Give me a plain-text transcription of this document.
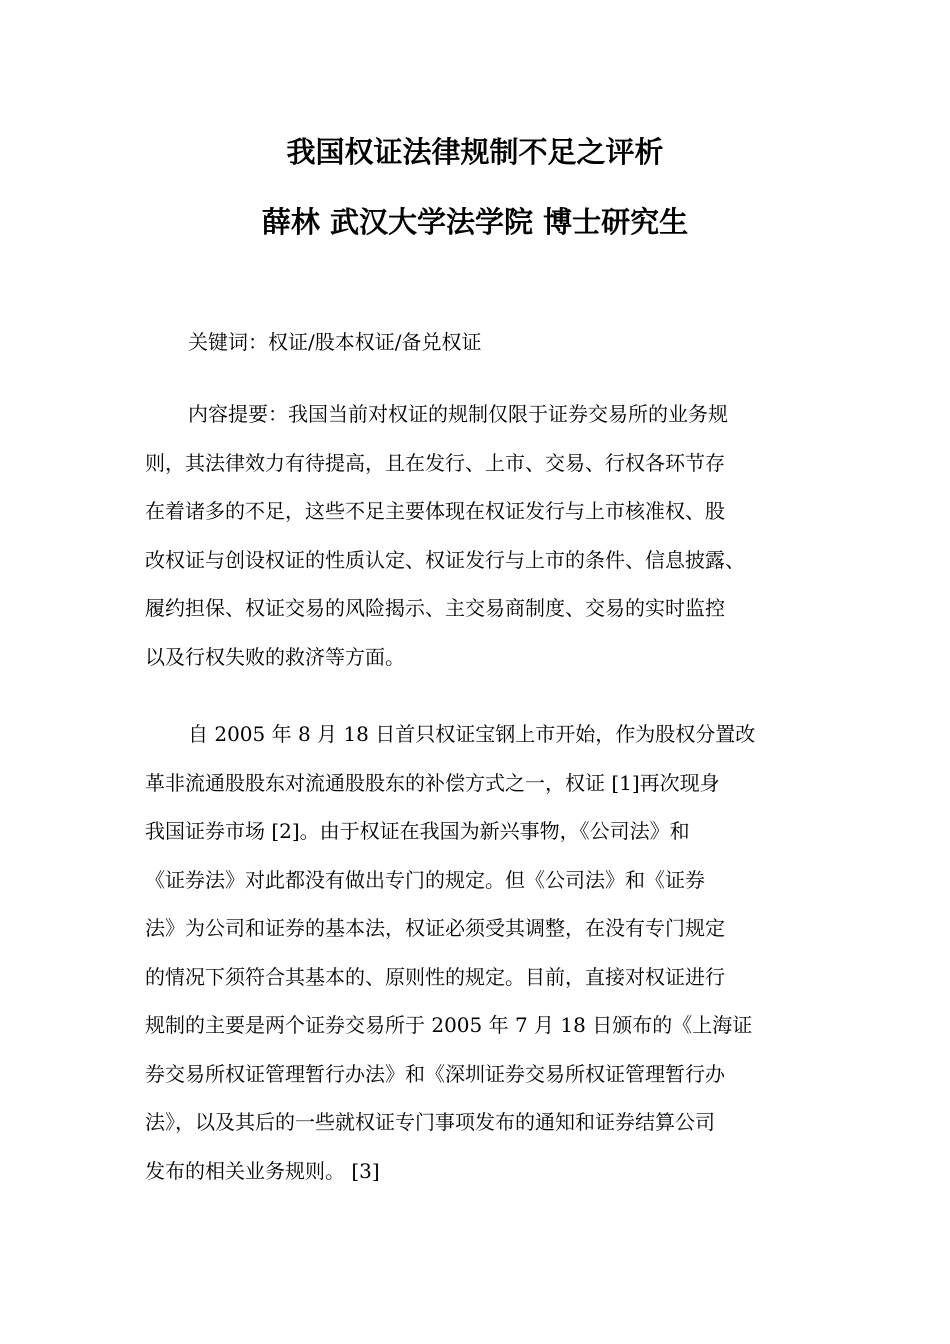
我国权证法律规制不足之评析
薛林 武汉大学法学院 博士研究生

关键词：权证/股本权证/备兑权证

内容提要：我国当前对权证的规制仅限于证券交易所的业务规
则，其法律效力有待提高，且在发行、上市、交易、行权各环节存
在着诸多的不足，这些不足主要体现在权证发行与上市核准权、股
改权证与创设权证的性质认定、权证发行与上市的条件、信息披露、
履约担保、权证交易的风险揭示、主交易商制度、交易的实时监控
以及行权失败的救济等方面。
自 2005 年 8 月 18 日首只权证宝钢上市开始，作为股权分置改
革非流通股股东对流通股股东的补偿方式之一，权证 [1]再次现身
我国证券市场 [2]。由于权证在我国为新兴事物，《公司法》和
《证券法》对此都没有做出专门的规定。但《公司法》和《证券
法》为公司和证券的基本法，权证必须受其调整，在没有专门规定
的情况下须符合其基本的、原则性的规定。目前，直接对权证进行
规制的主要是两个证券交易所于 2005 年 7 月 18 日颁布的《上海证
券交易所权证管理暂行办法》和《深圳证券交易所权证管理暂行办
法》，以及其后的一些就权证专门事项发布的通知和证券结算公司
发布的相关业务规则。 [3]
